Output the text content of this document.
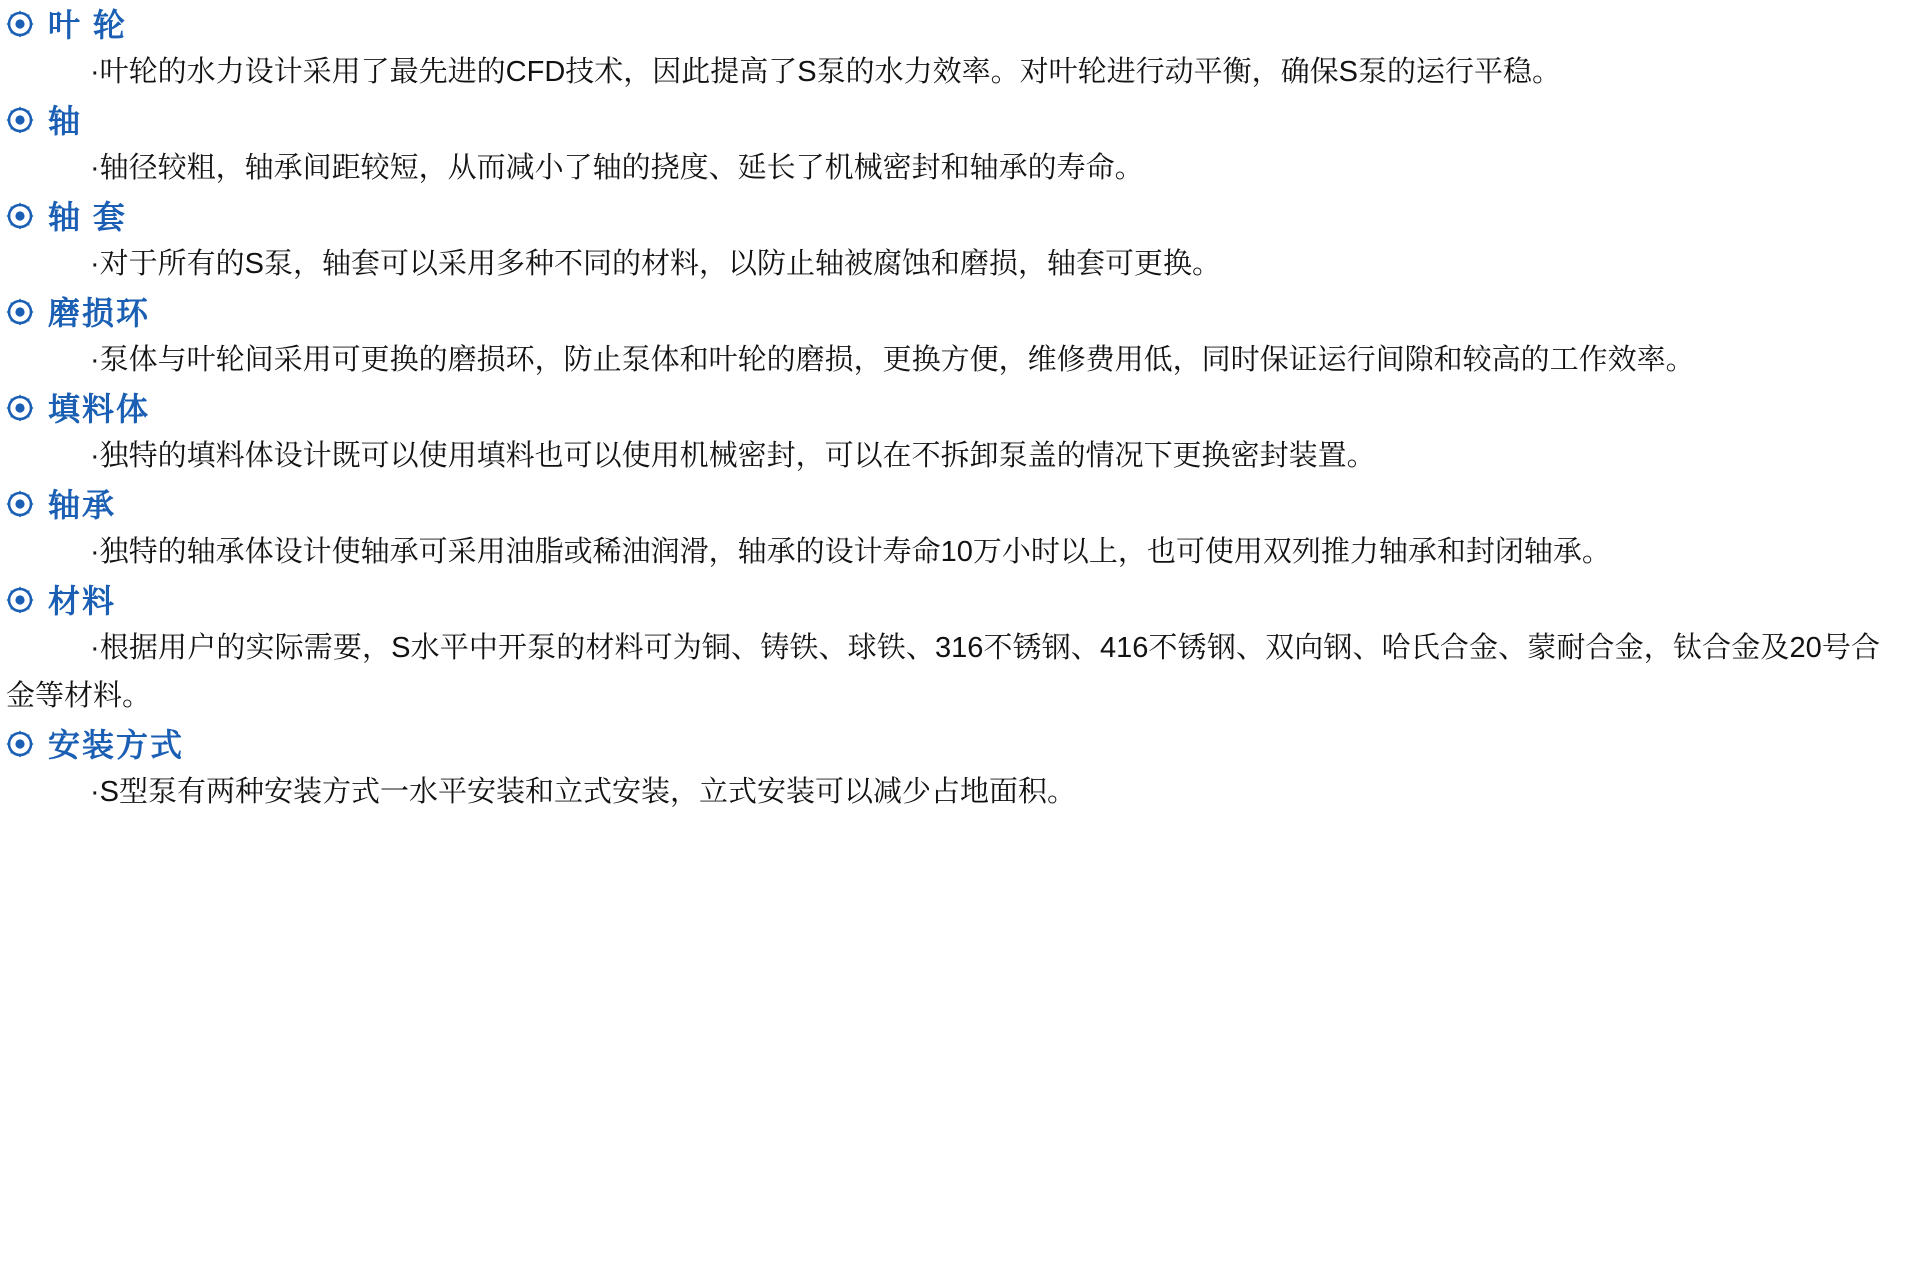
叶 轮

·叶轮的水力设计采用了最先进的CFD技术，因此提高了S泵的水力效率。对叶轮进行动平衡，确保S泵的运行平稳。

轴

·轴径较粗，轴承间距较短，从而减小了轴的挠度、延长了机械密封和轴承的寿命。

轴 套

·对于所有的S泵，轴套可以采用多种不同的材料，以防止轴被腐蚀和磨损，轴套可更换。

磨损环

·泵体与叶轮间采用可更换的磨损环，防止泵体和叶轮的磨损，更换方便，维修费用低，同时保证运行间隙和较高的工作效率。

填料体

·独特的填料体设计既可以使用填料也可以使用机械密封，可以在不拆卸泵盖的情况下更换密封装置。

轴承

·独特的轴承体设计使轴承可采用油脂或稀油润滑，轴承的设计寿命10万小时以上，也可使用双列推力轴承和封闭轴承。

材料

·根据用户的实际需要，S水平中开泵的材料可为铜、铸铁、球铁、316不锈钢、416不锈钢、双向钢、哈氏合金、蒙耐合金，钛合金及20号合金等材料。

安装方式

·S型泵有两种安装方式一水平安装和立式安装，立式安装可以减少占地面积。
